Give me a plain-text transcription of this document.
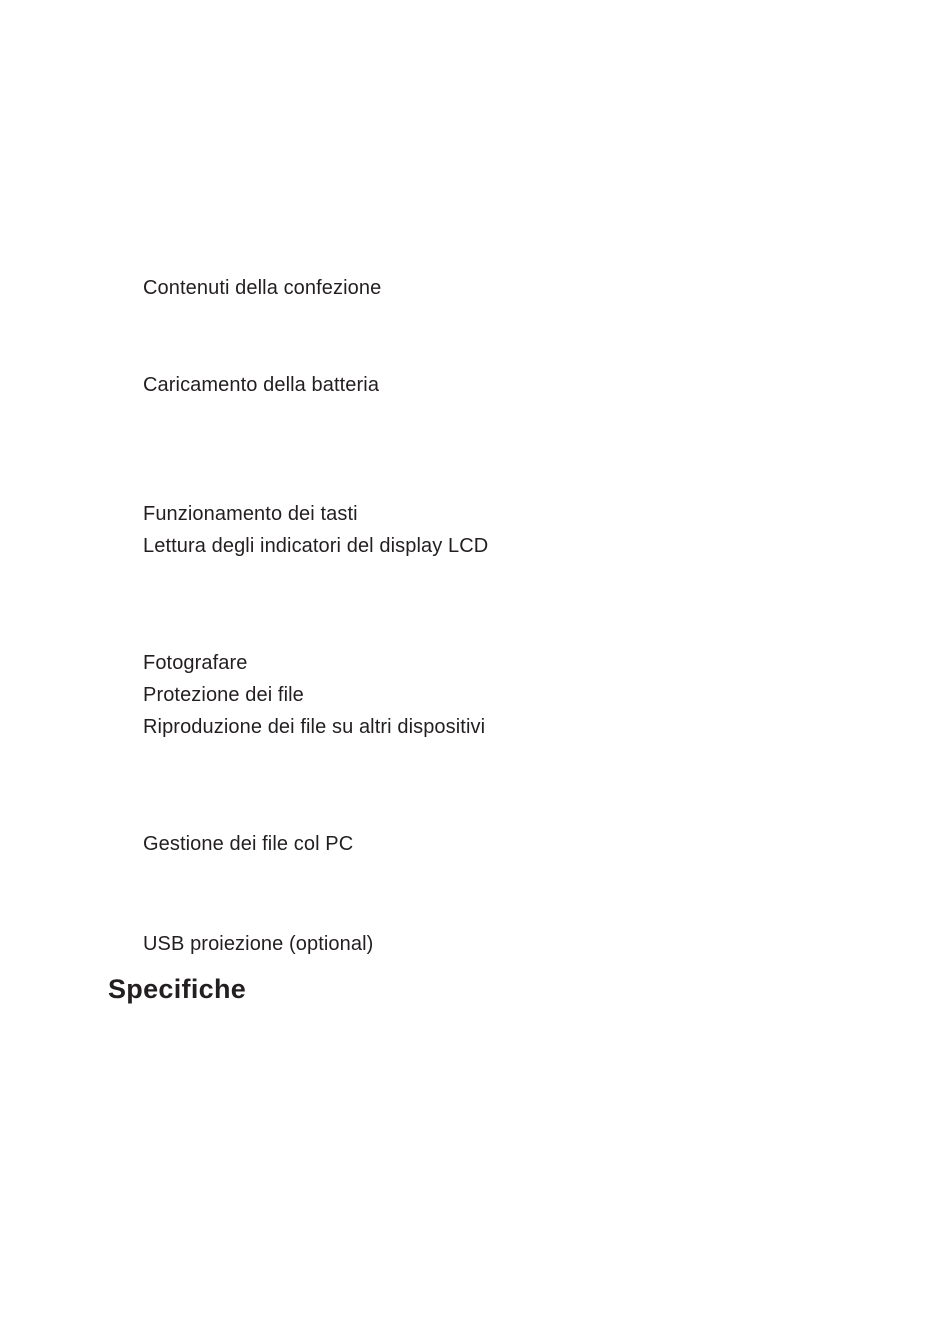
Contenuti della confezione
Caricamento della batteria
Funzionamento dei tasti
Lettura degli indicatori del display LCD
Fotografare
Protezione dei file
Riproduzione dei file su altri dispositivi
Gestione dei file col PC
USB proiezione (optional)
Specifiche
